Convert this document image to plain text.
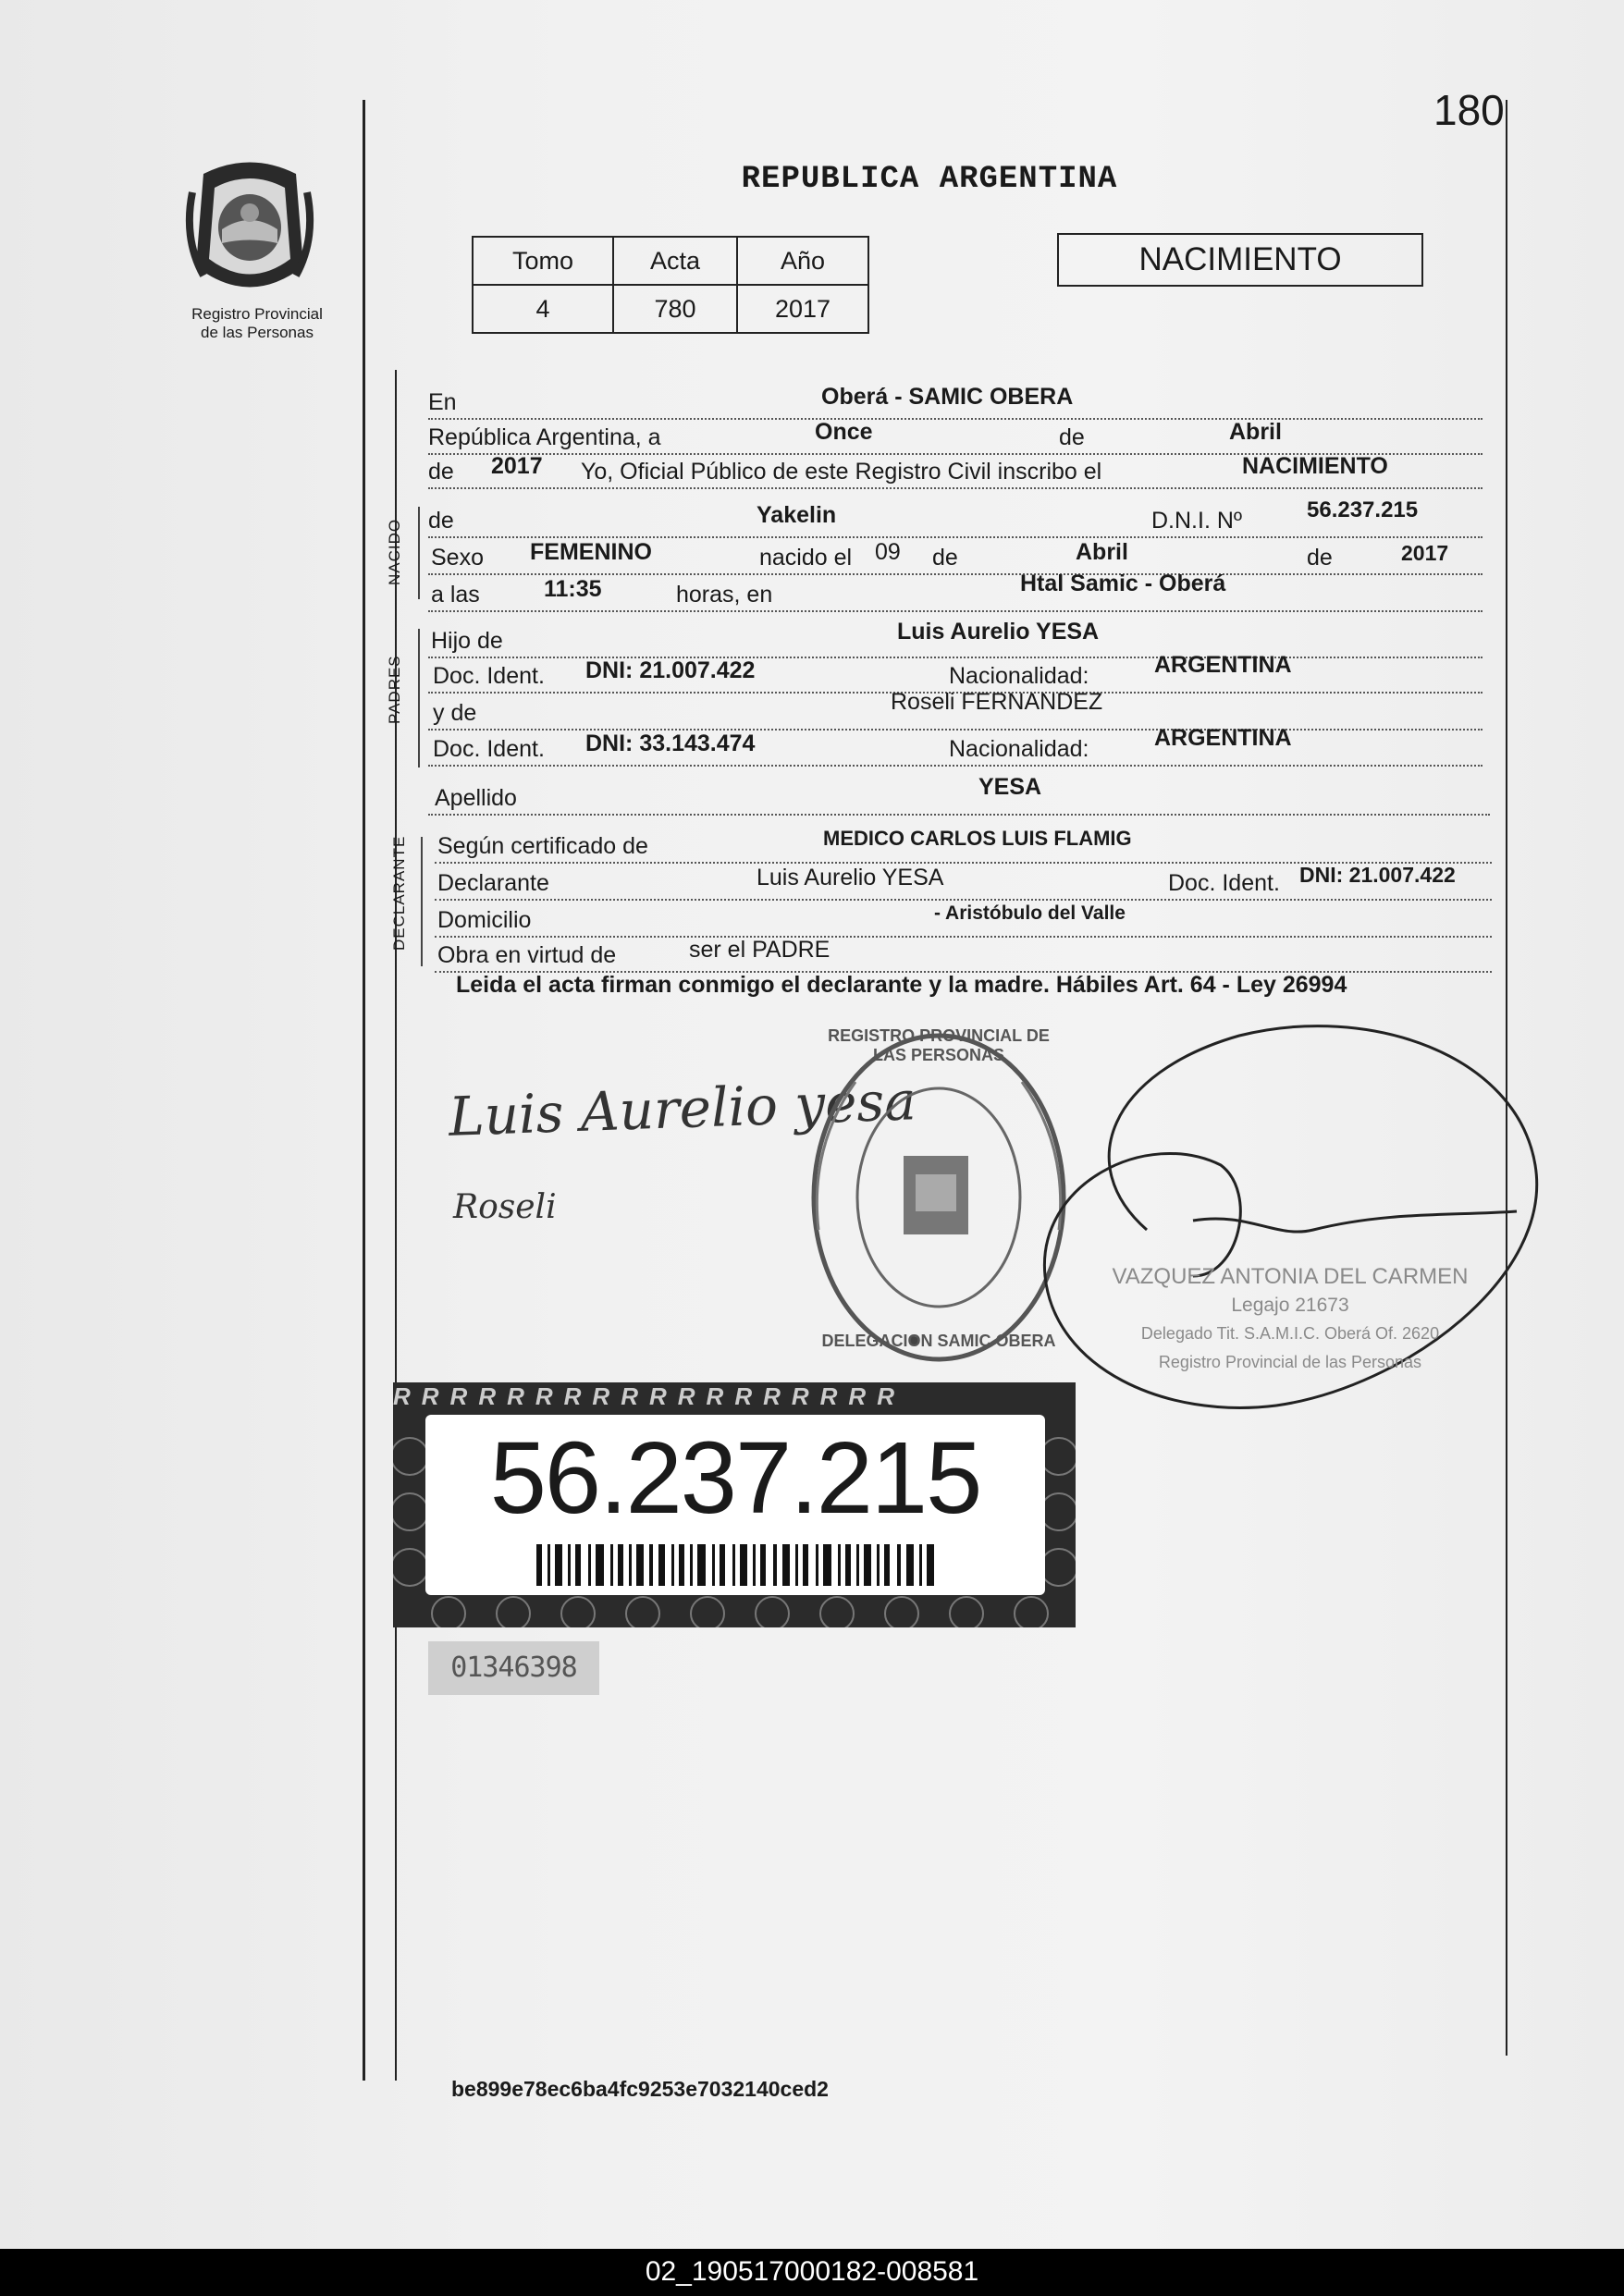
180
Registro Provincial
de las Personas
REPUBLICA ARGENTINA
Tomo	Acta	Año
4	780	2017
NACIMIENTO
En	Oberá - SAMIC OBERA
República Argentina, a	Once	de	Abril
de 2017 Yo, Oficial Público de este Registro Civil inscribo el	NACIMIENTO
NACIDO de	Yakelin	D.N.I. Nº	56.237.215
Sexo FEMENINO	nacido el 09 de	Abril	de	2017
a las	11:35	horas, en	Htal Samic - Oberá
PADRES
Hijo de	Luis Aurelio YESA
Doc. Ident. DNI: 21.007.422	Nacionalidad:	ARGENTINA
y de	Roseli FERNANDEZ
Doc. Ident. DNI: 33.143.474	Nacionalidad:	ARGENTINA
Apellido	YESA
DECLARANTE Según certificado de	MEDICO CARLOS LUIS FLAMIG
Declarante	Luis Aurelio YESA	Doc. Ident. DNI: 21.007.422
Domicilio	- Aristóbulo del Valle
Obra en virtud de	ser el PADRE
Leida el acta firman conmigo el declarante y la madre. Hábiles Art. 64 - Ley 26994
Luis Aurelio yesa
Roseli
REGISTRO PROVINCIAL DE LAS PERSONAS
DELEGACION SAMIC OBERA
VAZQUEZ ANTONIA DEL CARMEN
Legajo 21673
Delegado Tit. S.A.M.I.C. Oberá Of. 2620
Registro Provincial de las Personas
RRRRRRRRRRRRRRRRRR
56.237.215
01346398
be899e78ec6ba4fc9253e7032140ced2
02_190517000182-008581
